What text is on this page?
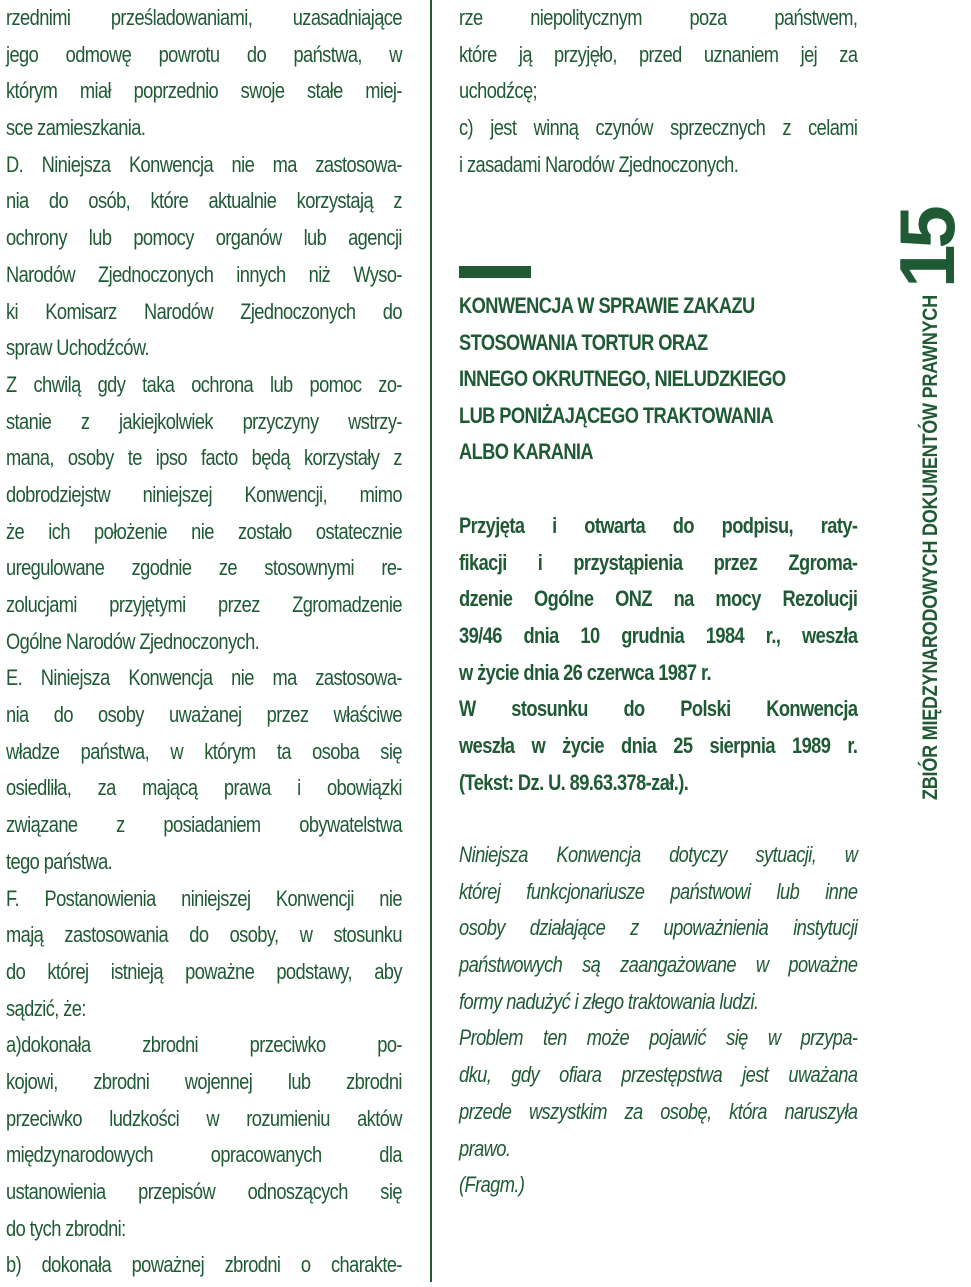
rzednimi prześladowaniami, uzasadniające
jego odmowę powrotu do państwa, w
którym miał poprzednio swoje stałe miej-
sce zamieszkania.
D. Niniejsza Konwencja nie ma zastosowa-
nia do osób, które aktualnie korzystają z
ochrony lub pomocy organów lub agencji
Narodów Zjednoczonych innych niż Wyso-
ki Komisarz Narodów Zjednoczonych do
spraw Uchodźców.
Z chwilą gdy taka ochrona lub pomoc zo-
stanie z jakiejkolwiek przyczyny wstrzy-
mana, osoby te ipso facto będą korzystały z
dobrodziejstw niniejszej Konwencji, mimo
że ich położenie nie zostało ostatecznie
uregulowane zgodnie ze stosownymi re-
zolucjami przyjętymi przez Zgromadzenie
Ogólne Narodów Zjednoczonych.
E. Niniejsza Konwencja nie ma zastosowa-
nia do osoby uważanej przez właściwe
władze państwa, w którym ta osoba się
osiedliła, za mającą prawa i obowiązki
związane z posiadaniem obywatelstwa
tego państwa.
F. Postanowienia niniejszej Konwencji nie
mają zastosowania do osoby, w stosunku
do której istnieją poważne podstawy, aby
sądzić, że:
a)dokonała zbrodni przeciwko po-
kojowi, zbrodni wojennej lub zbrodni
przeciwko ludzkości w rozumieniu aktów
międzynarodowych opracowanych dla
ustanowienia przepisów odnoszących się
do tych zbrodni:
b) dokonała poważnej zbrodni o charakte-
rze niepolitycznym poza państwem,
które ją przyjęło, przed uznaniem jej za
uchodźcę;
c) jest winną czynów sprzecznych z celami
i zasadami Narodów Zjednoczonych.
KONWENCJA W SPRAWIE ZAKAZU
STOSOWANIA TORTUR ORAZ
INNEGO OKRUTNEGO, NIELUDZKIEGO
LUB PONIŻAJĄCEGO TRAKTOWANIA
ALBO KARANIA
Przyjęta i otwarta do podpisu, raty-
fikacji i przystąpienia przez Zgroma-
dzenie Ogólne ONZ na mocy Rezolucji
39/46 dnia 10 grudnia 1984 r., weszła
w życie dnia 26 czerwca 1987 r.
W stosunku do Polski Konwencja
weszła w życie dnia 25 sierpnia 1989 r.
(Tekst: Dz. U. 89.63.378-zał.).
Niniejsza Konwencja dotyczy sytuacji, w
której funkcjonariusze państwowi lub inne
osoby działające z upoważnienia instytucji
państwowych są zaangażowane w poważne
formy nadużyć i złego traktowania ludzi.
Problem ten może pojawić się w przypa-
dku, gdy ofiara przestępstwa jest uważana
przede wszystkim za osobę, która naruszyła
prawo.
(Fragm.)
ZBIÓR MIĘDZYNARODOWYCH DOKUMENTÓW PRAWNYCH
15
